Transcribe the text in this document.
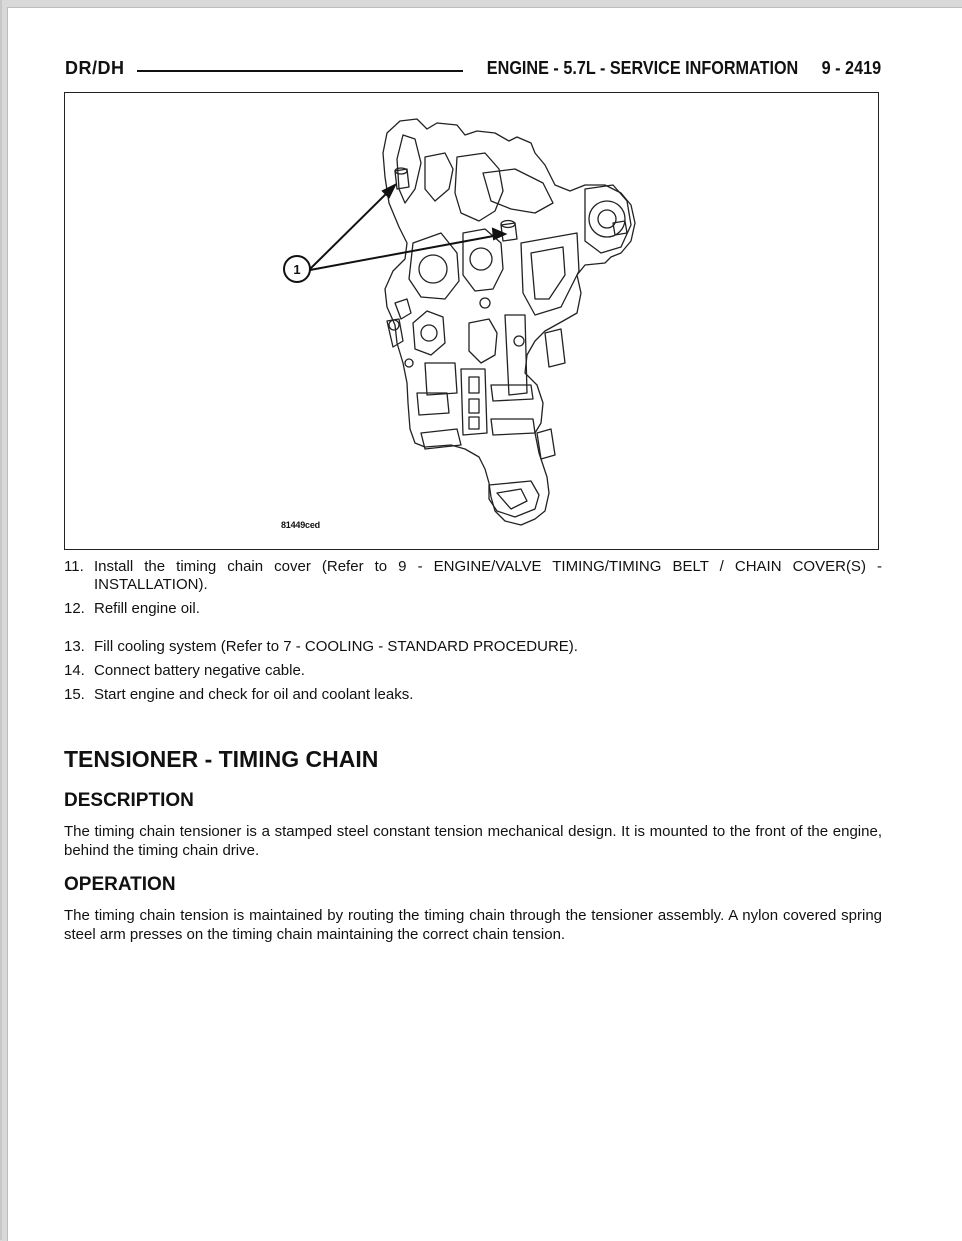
DR/DH	ENGINE - 5.7L - SERVICE INFORMATION 9 - 2419
1
81449ced
11. Install the timing chain cover (Refer to 9 - ENGINE/VALVE TIMING/TIMING BELT / CHAIN COVER(S) - INSTALLATION).
12. Refill engine oil.
13. Fill cooling system (Refer to 7 - COOLING - STANDARD PROCEDURE).
14. Connect battery negative cable.
15. Start engine and check for oil and coolant leaks.
TENSIONER - TIMING CHAIN
DESCRIPTION
The timing chain tensioner is a stamped steel constant tension mechanical design. It is mounted to the front of the engine, behind the timing chain drive.
OPERATION
The timing chain tension is maintained by routing the timing chain through the tensioner assembly. A nylon covered spring steel arm presses on the timing chain maintaining the correct chain tension.
